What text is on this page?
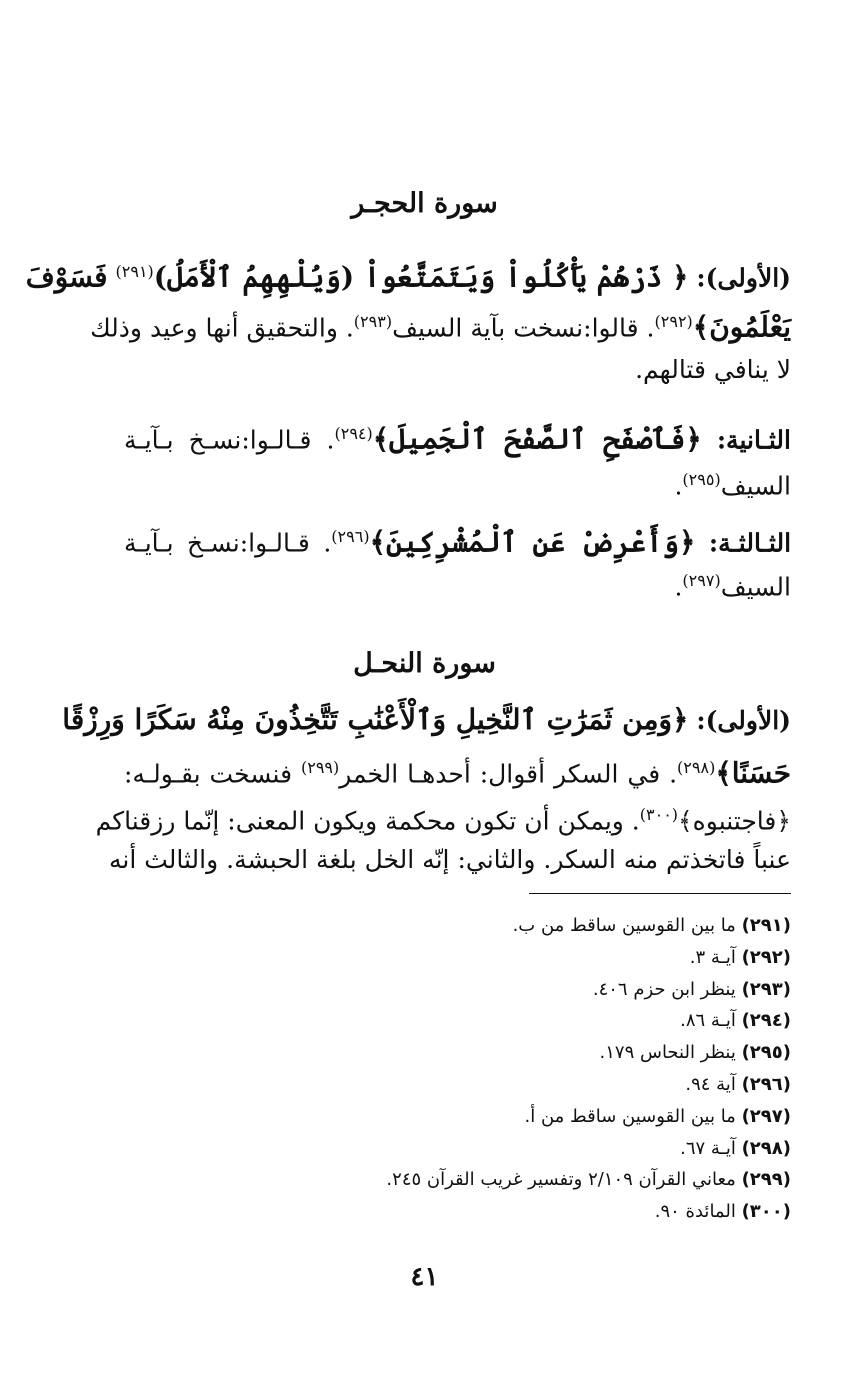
سورة الحجـر
(الأولى): ﴿ ذَرْهُمْ يَأْكُلُواْ وَيَتَمَتَّعُواْ (وَيُلْهِهِمُ ٱلْأَمَلُ)$^{(٢٩١)}$ فَسَوْفَ
يَعْلَمُونَ﴾$^{(٢٩٢)}$. قالوا:نسخت بآية السيف$^{(٢٩٣)}$. والتحقيق أنها وعيد وذلك
لا ينافي قتالهم.
الثـانية: ﴿فَٱصْفَحِ ٱلصَّفْحَ ٱلْجَمِيلَ﴾$^{(٢٩٤)}$. قـالـوا:نسـخ بـآيـة
السيف$^{(٢٩٥)}$.
الثـالثـة: ﴿وَأَعْرِضْ عَنِ ٱلْمُشْرِكِينَ﴾$^{(٢٩٦)}$. قـالـوا:نسـخ بـآيـة
السيف$^{(٢٩٧)}$.
سورة النحـل
(الأولى): ﴿وَمِن ثَمَرَٰتِ ٱلنَّخِيلِ وَٱلْأَعْنَٰبِ تَتَّخِذُونَ مِنْهُ سَكَرًا وَرِزْقًا
حَسَنًا﴾$^{(٢٩٨)}$. في السكر أقوال: أحدهـا الخمر$^{(٢٩٩)}$ فنسخت بقـولـه:
﴿فاجتنبوه﴾$^{(٣٠٠)}$. ويمكن أن تكون محكمة ويكون المعنى: إنّما رزقناكم
عنباً فاتخذتم منه السكر. والثاني: إنّه الخل بلغة الحبشة. والثالث أنه
(٢٩١) ما بين القوسين ساقط من ب.
(٢٩٢) آيـة ٣.
(٢٩٣) ينظر ابن حزم ٤٠٦.
(٢٩٤) آيـة ٨٦.
(٢٩٥) ينظر النحاس ١٧٩.
(٢٩٦) آية ٩٤.
(٢٩٧) ما بين القوسين ساقط من أ.
(٢٩٨) آيـة ٦٧.
(٢٩٩) معاني القرآن ٢/١٠٩ وتفسير غريب القرآن ٢٤٥.
(٣٠٠) المائدة ٩٠.
٤١
